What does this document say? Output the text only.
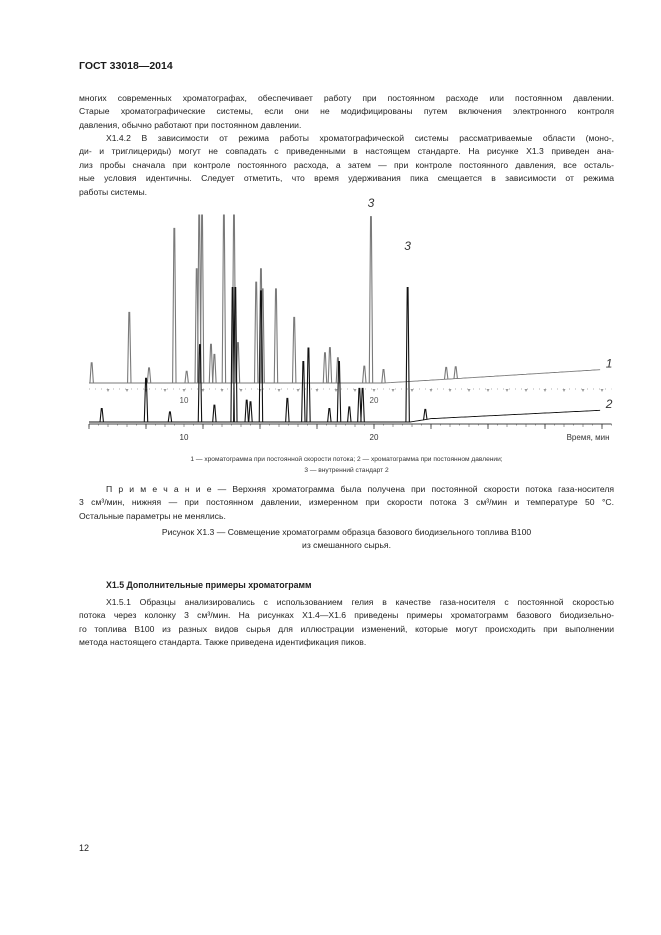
ГОСТ 33018—2014
многих современных хроматографах, обеспечивает работу при постоянном расходе или постоянном давлении.
Старые хроматографические системы, если они не модифицированы путем включения электронного контроля
давления, обычно работают при постоянном давлении.
X1.4.2 В зависимости от режима работы хроматографической системы рассматриваемые области (моно-,
ди- и триглицериды) могут не совпадать с приведенными в настоящем стандарте. На рисунке X1.3 приведен ана-
лиз пробы сначала при контроле постоянного расхода, а затем — при контроле постоянного давления, все осталь-
ные условия идентичны. Следует отметить, что время удерживания пика смещается в зависимости от режима
работы системы.
10	20	Время, мин
10	20
1
3
2
3
1 — хроматограмма при постоянной скорости потока; 2 — хроматограмма при постоянном давлении;
3 — внутренний стандарт 2
П р и м е ч а н и е — Верхняя хроматограмма была получена при постоянной скорости потока газа-носителя
3 см³/мин, нижняя — при постоянном давлении, измеренном при скорости потока 3 см³/мин и температуре 50 °С.
Остальные параметры не менялись.
Рисунок X1.3 — Совмещение хроматограмм образца базового биодизельного топлива В100
из смешанного сырья.
X1.5 Дополнительные примеры хроматограмм
X1.5.1 Образцы анализировались с использованием гелия в качестве газа-носителя с постоянной скоростью
потока через колонку 3 см³/мин. На рисунках X1.4—X1.6 приведены примеры хроматограмм базового биодизельно-
го топлива В100 из разных видов сырья для иллюстрации изменений, которые могут происходить при выполнении
метода настоящего стандарта. Также приведена идентификация пиков.
12
